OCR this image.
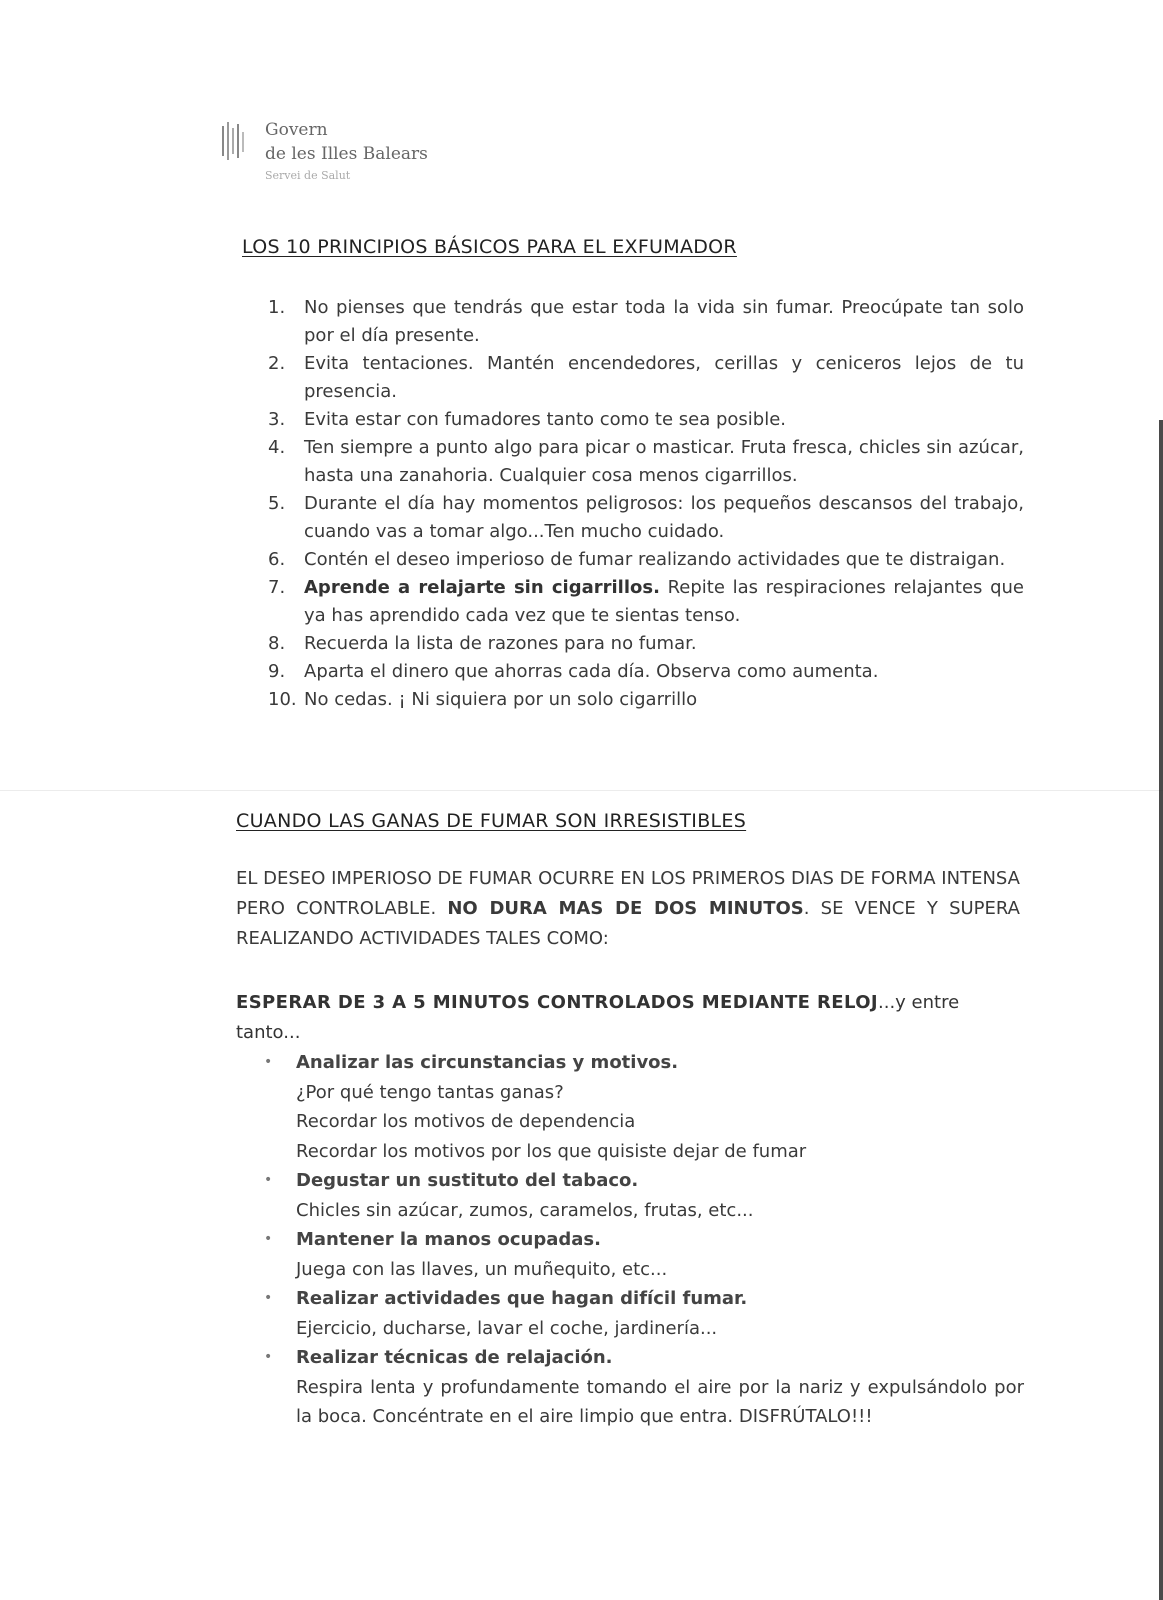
Govern
de les Illes Balears
Servei de Salut
LOS 10 PRINCIPIOS BÁSICOS PARA EL EXFUMADOR
1. No pienses que tendrás que estar toda la vida sin fumar. Preocúpate tan solo por el día presente.
2. Evita tentaciones. Mantén encendedores, cerillas y ceniceros lejos de tu presencia.
3. Evita estar con fumadores tanto como te sea posible.
4. Ten siempre a punto algo para picar o masticar. Fruta fresca, chicles sin azúcar, hasta una zanahoria. Cualquier cosa menos cigarrillos.
5. Durante el día hay momentos peligrosos: los pequeños descansos del trabajo, cuando vas a tomar algo...Ten mucho cuidado.
6. Contén el deseo imperioso de fumar realizando actividades que te distraigan.
7. Aprende a relajarte sin cigarrillos. Repite las respiraciones relajantes que ya has aprendido cada vez que te sientas tenso.
8. Recuerda la lista de razones para no fumar.
9. Aparta el dinero que ahorras cada día. Observa como aumenta.
10. No cedas. ¡ Ni siquiera por un solo cigarrillo
CUANDO LAS GANAS DE FUMAR SON IRRESISTIBLES

EL DESEO IMPERIOSO DE FUMAR OCURRE EN LOS PRIMEROS DIAS DE FORMA INTENSA PERO CONTROLABLE. NO DURA MAS DE DOS MINUTOS. SE VENCE Y SUPERA REALIZANDO ACTIVIDADES TALES COMO:

ESPERAR DE 3 A 5 MINUTOS CONTROLADOS MEDIANTE RELOJ...y entre tanto...

• Analizar las circunstancias y motivos.
¿Por qué tengo tantas ganas?
Recordar los motivos de dependencia
Recordar los motivos por los que quisiste dejar de fumar
• Degustar un sustituto del tabaco.
Chicles sin azúcar, zumos, caramelos, frutas, etc...
• Mantener la manos ocupadas.
Juega con las llaves, un muñequito, etc...
• Realizar actividades que hagan difícil fumar.
Ejercicio, ducharse, lavar el coche, jardinería...
• Realizar técnicas de relajación.
Respira lenta y profundamente tomando el aire por la nariz y expulsándolo por la boca. Concéntrate en el aire limpio que entra. DISFRÚTALO!!!
